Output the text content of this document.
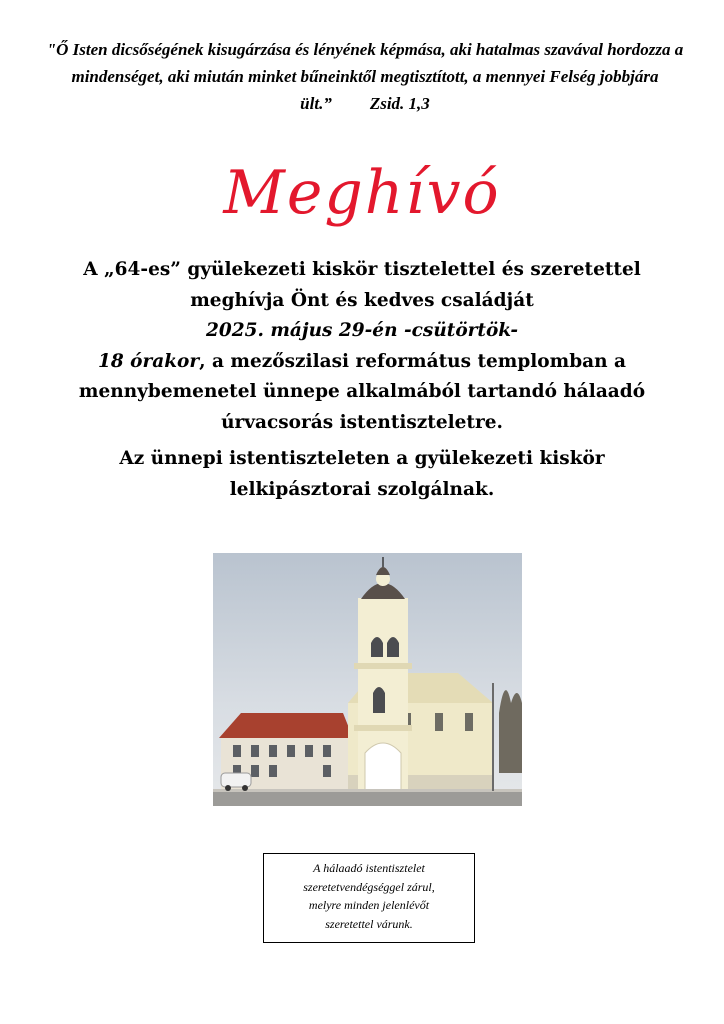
"Ő Isten dicsőségének kisugárzása és lényének képmása, aki hatalmas szavával hordozza a mindenséget, aki miután minket bűneinktől megtisztított, a mennyei Felség jobbjára ült.” Zsid. 1,3
Meghívó

A „64-es” gyülekezeti kiskör tisztelettel és szeretettel meghívja Önt és kedves családját

2025. május 29-én -csütörtök-

18 órakor, a mezőszilasi református templomban a mennybemenetel ünnepe alkalmából tartandó hálaadó úrvacsorás istentiszteletre.

Az ünnepi istentiszteleten a gyülekezeti kiskör lelkipásztorai szolgálnak.

A hálaadó istentisztelet
szeretetvendégséggel zárul,
melyre minden jelenlévőt
szeretettel várunk.
